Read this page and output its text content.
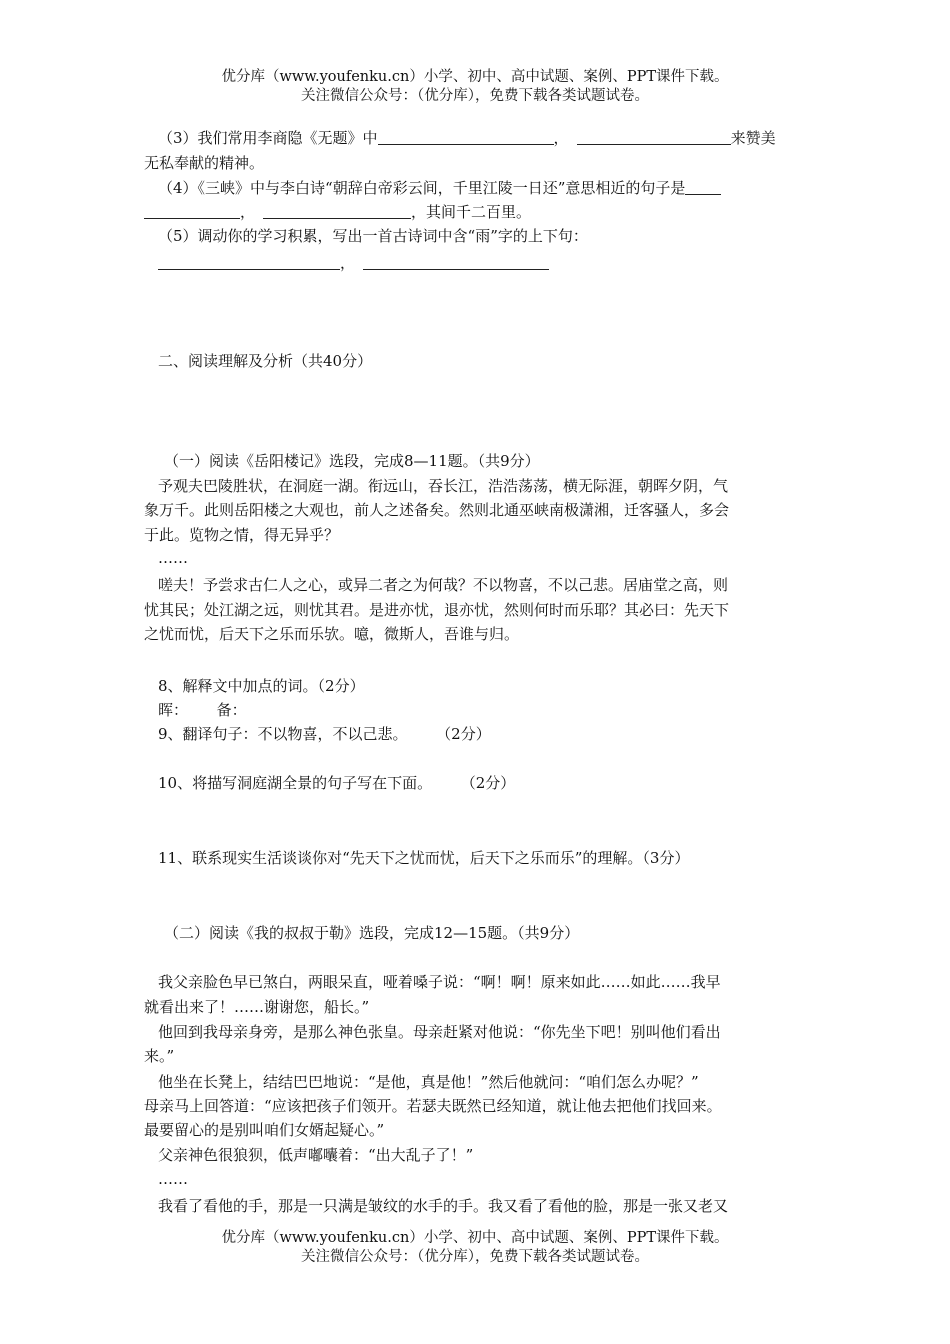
优分库（www.youfenku.cn）小学、初中、高中试题、案例、PPT课件下载。
关注微信公众号：（优分库），免费下载各类试题试卷。
（3）我们常用李商隐《无题》中	，	来赞美
无私奉献的精神。
（4）《三峡》中与李白诗“朝辞白帝彩云间，千里江陵一日还”意思相近的句子是
，	，其间千二百里。
（5）调动你的学习积累，写出一首古诗词中含“雨”字的上下句：
，
二、阅读理解及分析（共40分）
（一）阅读《岳阳楼记》选段，完成8—11题。（共9分）
予观夫巴陵胜状，在洞庭一湖。衔远山，吞长江，浩浩荡荡，横无际涯，朝晖夕阴，气
象万千。此则岳阳楼之大观也，前人之述备矣。然则北通巫峡南极潇湘，迁客骚人，多会
于此。览物之情，得无异乎？
……
嗟夫！予尝求古仁人之心，或异二者之为何哉？不以物喜，不以己悲。居庙堂之高，则
忧其民；处江湖之远，则忧其君。是进亦忧，退亦忧，然则何时而乐耶？其必曰：先天下
之忧而忧，后天下之乐而乐欤。噫，微斯人，吾谁与归。
8、解释文中加点的词。（2分）
晖：      备：
9、翻译句子：不以物喜，不以己悲。      （2分）
10、将描写洞庭湖全景的句子写在下面。      （2分）
11、联系现实生活谈谈你对“先天下之忧而忧，后天下之乐而乐”的理解。（3分）
（二）阅读《我的叔叔于勒》选段，完成12—15题。（共9分）
我父亲脸色早已煞白，两眼呆直，哑着嗓子说：“啊！啊！原来如此……如此……我早
就看出来了！……谢谢您，船长。”
他回到我母亲身旁，是那么神色张皇。母亲赶紧对他说：“你先坐下吧！别叫他们看出
来。”
他坐在长凳上，结结巴巴地说：“是他，真是他！”然后他就问：“咱们怎么办呢？”
母亲马上回答道：“应该把孩子们领开。若瑟夫既然已经知道，就让他去把他们找回来。
最要留心的是别叫咱们女婿起疑心。”
父亲神色很狼狈，低声嘟囔着：“出大乱子了！”
……
我看了看他的手，那是一只满是皱纹的水手的手。我又看了看他的脸，那是一张又老又
优分库（www.youfenku.cn）小学、初中、高中试题、案例、PPT课件下载。
关注微信公众号：（优分库），免费下载各类试题试卷。
